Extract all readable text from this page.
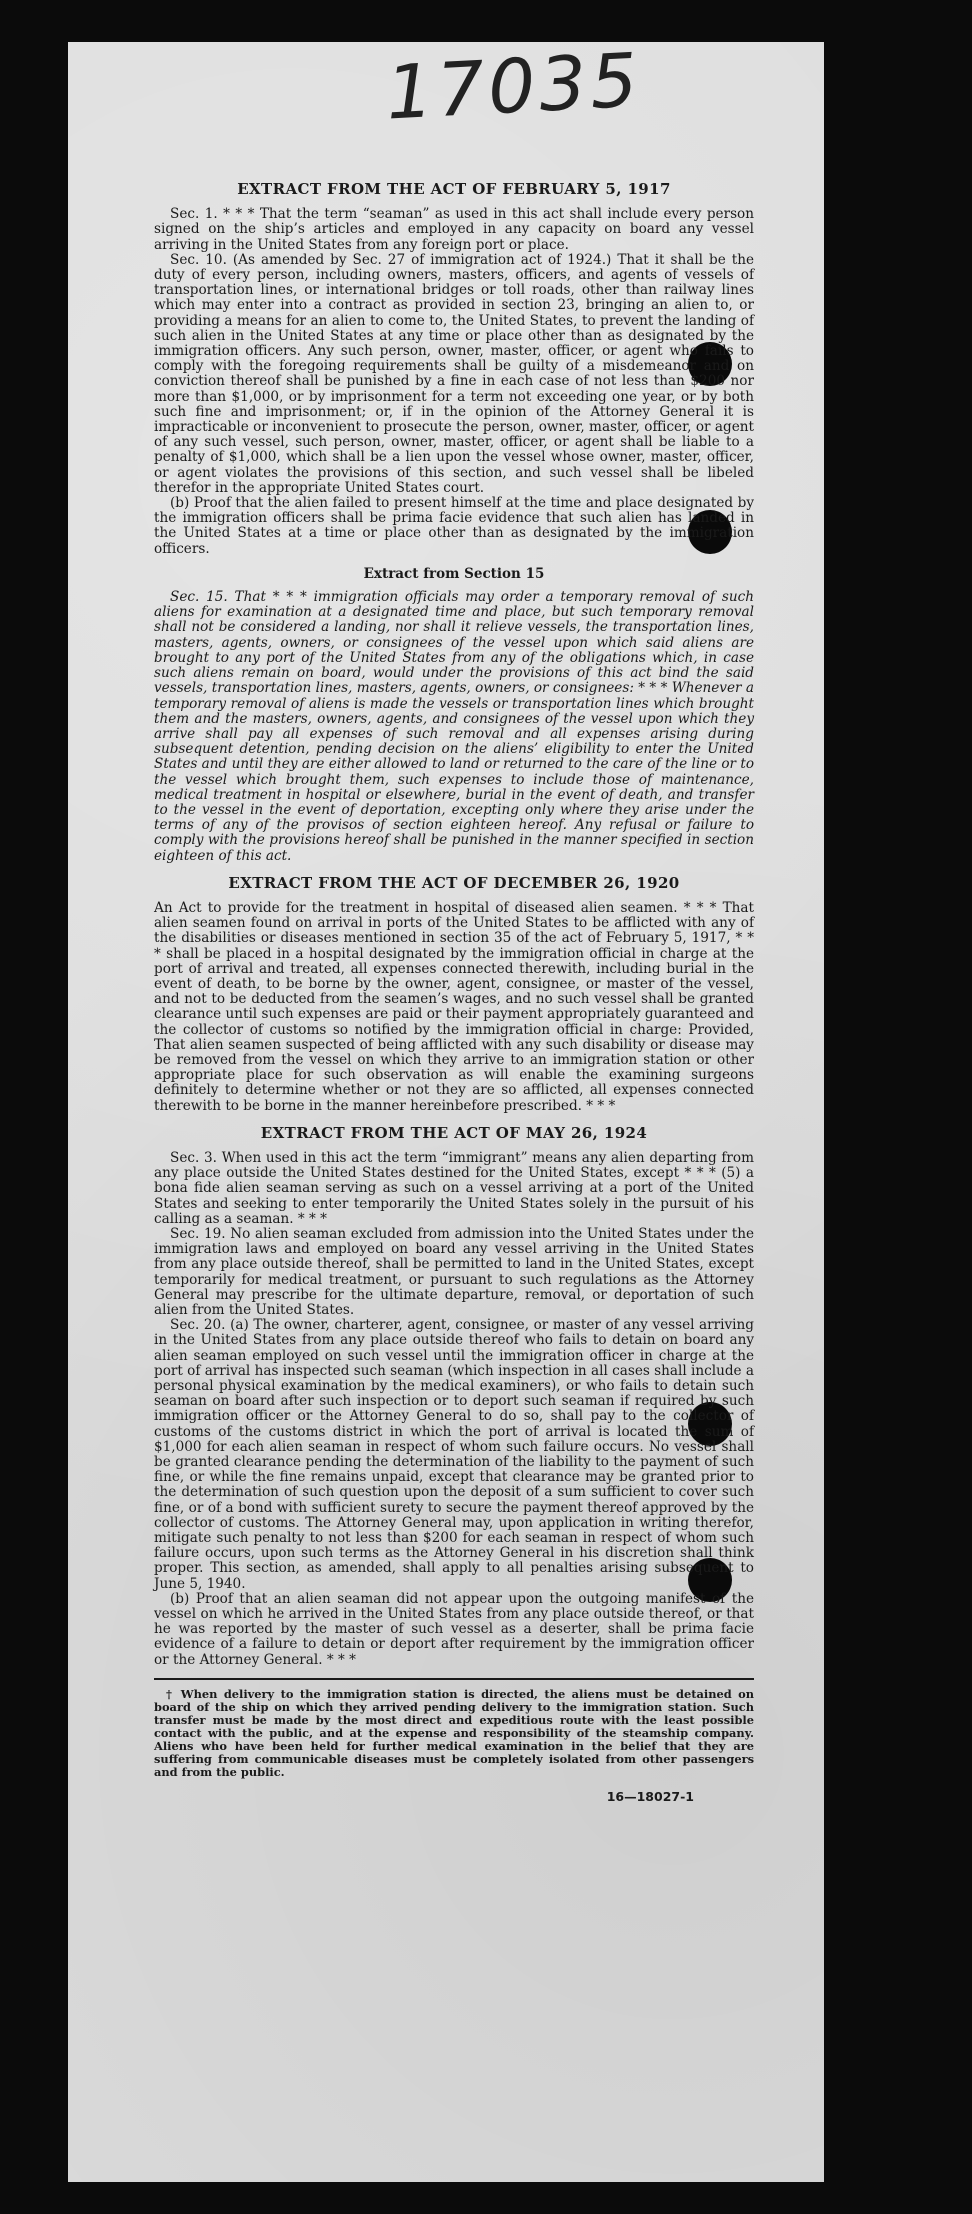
17035
EXTRACT FROM THE ACT OF FEBRUARY 5, 1917

Sec. 1. * * * That the term “seaman” as used in this act shall include every person signed on the ship’s articles and employed in any capacity on board any vessel arriving in the United States from any foreign port or place.

Sec. 10. (As amended by Sec. 27 of immigration act of 1924.) That it shall be the duty of every person, including owners, masters, officers, and agents of vessels of transportation lines, or international bridges or toll roads, other than railway lines which may enter into a contract as provided in section 23, bringing an alien to, or providing a means for an alien to come to, the United States, to prevent the landing of such alien in the United States at any time or place other than as designated by the immigration officers. Any such person, owner, master, officer, or agent who fails to comply with the foregoing requirements shall be guilty of a misdemeanor and on conviction thereof shall be punished by a fine in each case of not less than $200 nor more than $1,000, or by imprisonment for a term not exceeding one year, or by both such fine and imprisonment; or, if in the opinion of the Attorney General it is impracticable or inconvenient to prosecute the person, owner, master, officer, or agent of any such vessel, such person, owner, master, officer, or agent shall be liable to a penalty of $1,000, which shall be a lien upon the vessel whose owner, master, officer, or agent violates the provisions of this section, and such vessel shall be libeled therefor in the appropriate United States court.

(b) Proof that the alien failed to present himself at the time and place designated by the immigration officers shall be prima facie evidence that such alien has landed in the United States at a time or place other than as designated by the immigration officers.

Extract from Section 15

Sec. 15. That * * * immigration officials may order a temporary removal of such aliens for examination at a designated time and place, but such temporary removal shall not be considered a landing, nor shall it relieve vessels, the transportation lines, masters, agents, owners, or consignees of the vessel upon which said aliens are brought to any port of the United States from any of the obligations which, in case such aliens remain on board, would under the provisions of this act bind the said vessels, transportation lines, masters, agents, owners, or consignees: * * * Whenever a temporary removal of aliens is made the vessels or transportation lines which brought them and the masters, owners, agents, and consignees of the vessel upon which they arrive shall pay all expenses of such removal and all expenses arising during subsequent detention, pending decision on the aliens’ eligibility to enter the United States and until they are either allowed to land or returned to the care of the line or to the vessel which brought them, such expenses to include those of maintenance, medical treatment in hospital or elsewhere, burial in the event of death, and transfer to the vessel in the event of deportation, excepting only where they arise under the terms of any of the provisos of section eighteen hereof. Any refusal or failure to comply with the provisions hereof shall be punished in the manner specified in section eighteen of this act.

EXTRACT FROM THE ACT OF DECEMBER 26, 1920

An Act to provide for the treatment in hospital of diseased alien seamen. * * * That alien seamen found on arrival in ports of the United States to be afflicted with any of the disabilities or diseases mentioned in section 35 of the act of February 5, 1917, * * * shall be placed in a hospital designated by the immigration official in charge at the port of arrival and treated, all expenses connected therewith, including burial in the event of death, to be borne by the owner, agent, consignee, or master of the vessel, and not to be deducted from the seamen’s wages, and no such vessel shall be granted clearance until such expenses are paid or their payment appropriately guaranteed and the collector of customs so notified by the immigration official in charge: Provided, That alien seamen suspected of being afflicted with any such disability or disease may be removed from the vessel on which they arrive to an immigration station or other appropriate place for such observation as will enable the examining surgeons definitely to determine whether or not they are so afflicted, all expenses connected therewith to be borne in the manner hereinbefore prescribed. * * *

EXTRACT FROM THE ACT OF MAY 26, 1924

Sec. 3. When used in this act the term “immigrant” means any alien departing from any place outside the United States destined for the United States, except * * * (5) a bona fide alien seaman serving as such on a vessel arriving at a port of the United States and seeking to enter temporarily the United States solely in the pursuit of his calling as a seaman. * * *

Sec. 19. No alien seaman excluded from admission into the United States under the immigration laws and employed on board any vessel arriving in the United States from any place outside thereof, shall be permitted to land in the United States, except temporarily for medical treatment, or pursuant to such regulations as the Attorney General may prescribe for the ultimate departure, removal, or deportation of such alien from the United States.

Sec. 20. (a) The owner, charterer, agent, consignee, or master of any vessel arriving in the United States from any place outside thereof who fails to detain on board any alien seaman employed on such vessel until the immigration officer in charge at the port of arrival has inspected such seaman (which inspection in all cases shall include a personal physical examination by the medical examiners), or who fails to detain such seaman on board after such inspection or to deport such seaman if required by such immigration officer or the Attorney General to do so, shall pay to the collector of customs of the customs district in which the port of arrival is located the sum of $1,000 for each alien seaman in respect of whom such failure occurs. No vessel shall be granted clearance pending the determination of the liability to the payment of such fine, or while the fine remains unpaid, except that clearance may be granted prior to the determination of such question upon the deposit of a sum sufficient to cover such fine, or of a bond with sufficient surety to secure the payment thereof approved by the collector of customs. The Attorney General may, upon application in writing therefor, mitigate such penalty to not less than $200 for each seaman in respect of whom such failure occurs, upon such terms as the Attorney General in his discretion shall think proper. This section, as amended, shall apply to all penalties arising subsequent to June 5, 1940.

(b) Proof that an alien seaman did not appear upon the outgoing manifest of the vessel on which he arrived in the United States from any place outside thereof, or that he was reported by the master of such vessel as a deserter, shall be prima facie evidence of a failure to detain or deport after requirement by the immigration officer or the Attorney General. * * *

† When delivery to the immigration station is directed, the aliens must be detained on board of the ship on which they arrived pending delivery to the immigration station. Such transfer must be made by the most direct and expeditious route with the least possible contact with the public, and at the expense and responsibility of the steamship company. Aliens who have been held for further medical examination in the belief that they are suffering from communicable diseases must be completely isolated from other passengers and from the public.

16—18027-1
